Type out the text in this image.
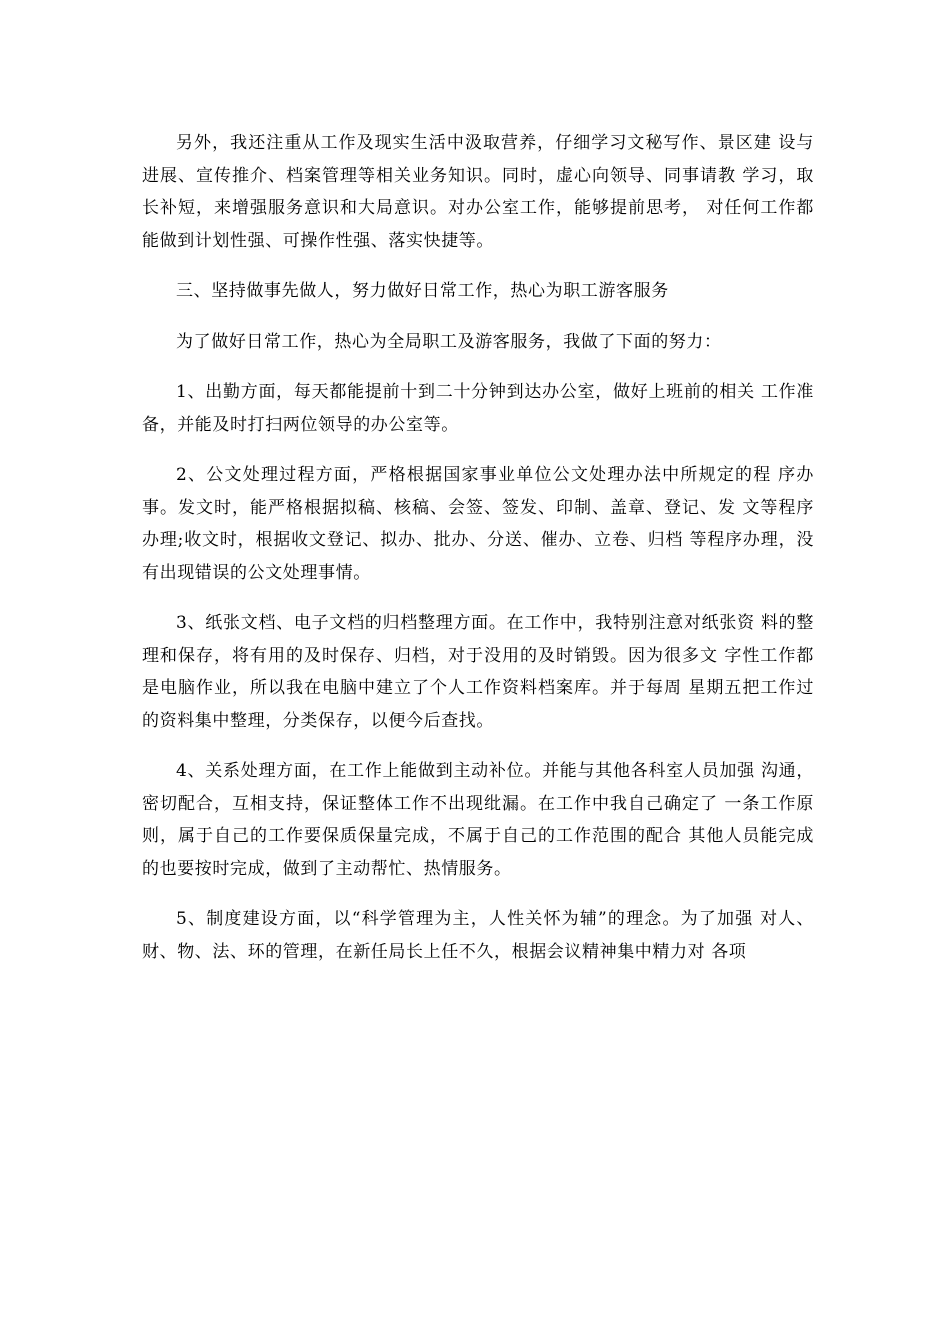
另外，我还注重从工作及现实生活中汲取营养，仔细学习文秘写作、景区建 设与进展、宣传推介、档案管理等相关业务知识。同时，虚心向领导、同事请教 学习，取长补短，来增强服务意识和大局意识。对办公室工作，能够提前思考， 对任何工作都能做到计划性强、可操作性强、落实快捷等。

三、坚持做事先做人，努力做好日常工作，热心为职工游客服务

为了做好日常工作，热心为全局职工及游客服务，我做了下面的努力：

1、出勤方面，每天都能提前十到二十分钟到达办公室，做好上班前的相关 工作准备，并能及时打扫两位领导的办公室等。

2、公文处理过程方面，严格根据国家事业单位公文处理办法中所规定的程 序办事。发文时，能严格根据拟稿、核稿、会签、签发、印制、盖章、登记、发 文等程序办理;收文时，根据收文登记、拟办、批办、分送、催办、立卷、归档 等程序办理，没有出现错误的公文处理事情。

3、纸张文档、电子文档的归档整理方面。在工作中，我特别注意对纸张资 料的整理和保存，将有用的及时保存、归档，对于没用的及时销毁。因为很多文 字性工作都是电脑作业，所以我在电脑中建立了个人工作资料档案库。并于每周 星期五把工作过的资料集中整理，分类保存，以便今后查找。

4、关系处理方面，在工作上能做到主动补位。并能与其他各科室人员加强 沟通，密切配合，互相支持，保证整体工作不出现纰漏。在工作中我自己确定了 一条工作原则，属于自己的工作要保质保量完成，不属于自己的工作范围的配合 其他人员能完成的也要按时完成，做到了主动帮忙、热情服务。

5、制度建设方面，以“科学管理为主，人性关怀为辅”的理念。为了加强 对人、财、物、法、环的管理，在新任局长上任不久，根据会议精神集中精力对 各项
